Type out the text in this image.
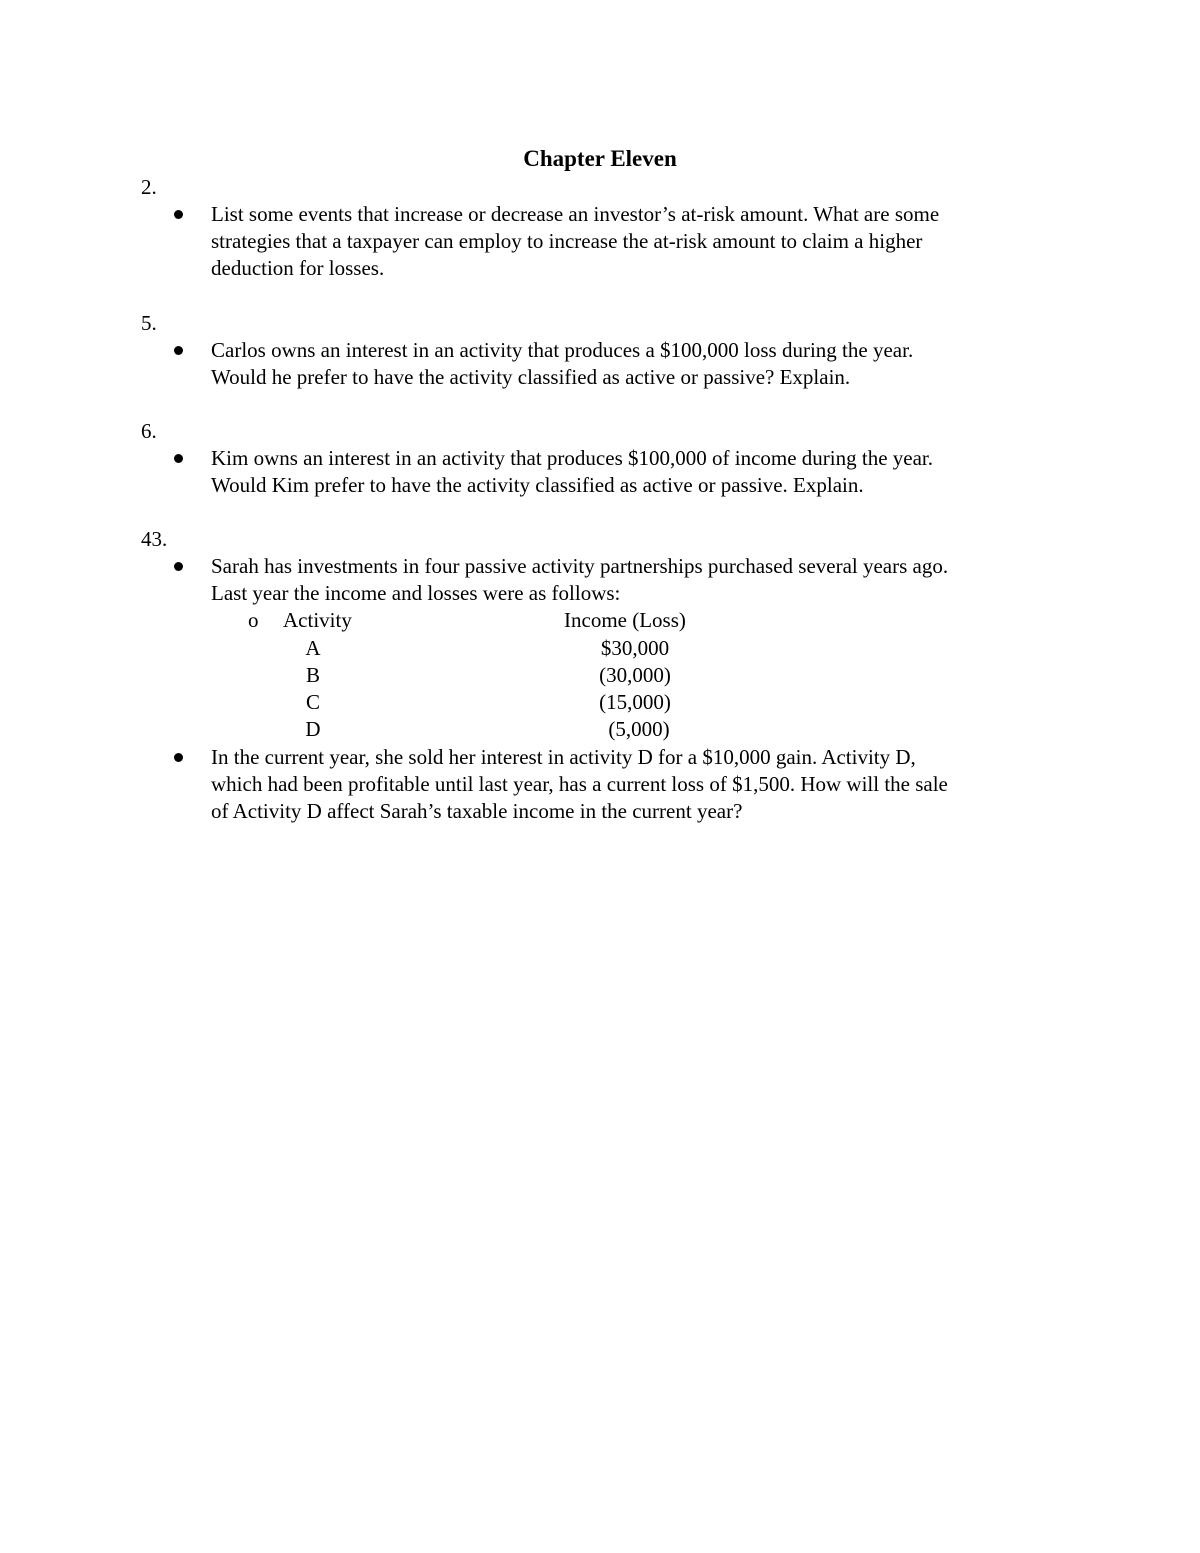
Chapter Eleven
2.
List some events that increase or decrease an investor’s at-risk amount. What are some
strategies that a taxpayer can employ to increase the at-risk amount to claim a higher
deduction for losses.
5.
Carlos owns an interest in an activity that produces a $100,000 loss during the year.
Would he prefer to have the activity classified as active or passive? Explain.
6.
Kim owns an interest in an activity that produces $100,000 of income during the year.
Would Kim prefer to have the activity classified as active or passive. Explain.
43.
Sarah has investments in four passive activity partnerships purchased several years ago.
Last year the income and losses were as follows:
o Activity	Income (Loss)
A	$30,000
B	(30,000)
C	(15,000)
D	(5,000)
In the current year, she sold her interest in activity D for a $10,000 gain. Activity D,
which had been profitable until last year, has a current loss of $1,500. How will the sale
of Activity D affect Sarah’s taxable income in the current year?
